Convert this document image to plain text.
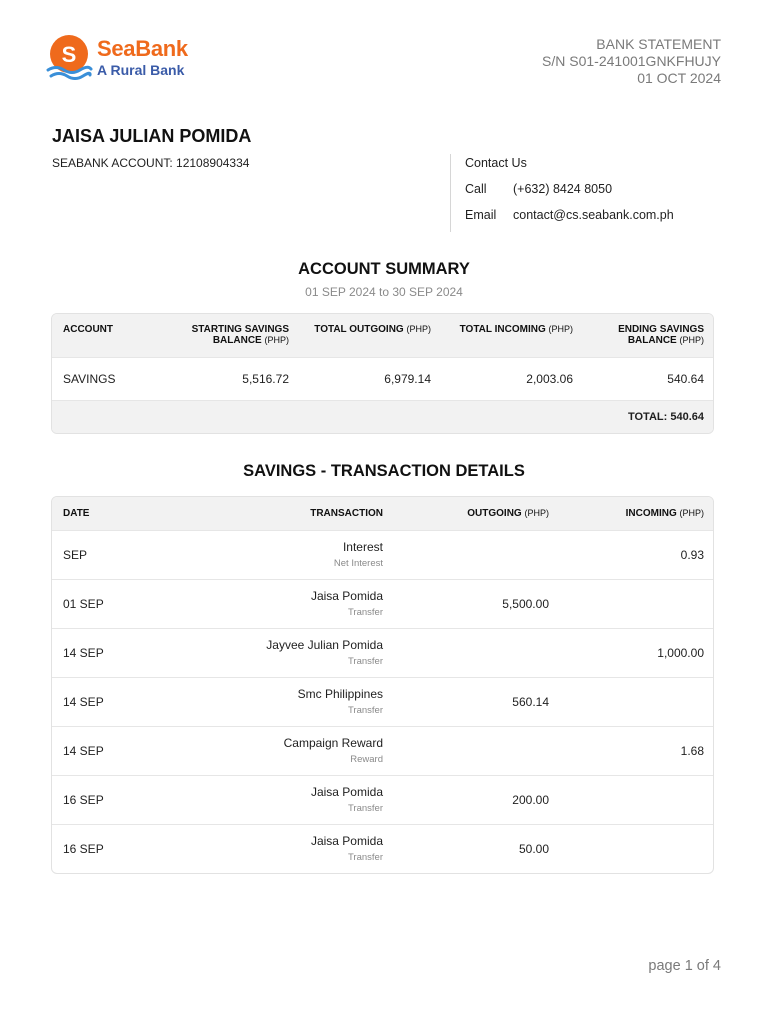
S SeaBank
A Rural Bank
BANK STATEMENT
S/N S01-241001GNKFHUJY
01 OCT 2024
JAISA JULIAN POMIDA
SEABANK ACCOUNT: 12108904334	Contact Us
Call	(+632) 8424 8050
Email	contact@cs.seabank.com.ph
ACCOUNT SUMMARY
01 SEP 2024 to 30 SEP 2024
ACCOUNT	STARTING SAVINGS
BALANCE (PHP)	TOTAL OUTGOING (PHP)	TOTAL INCOMING (PHP)	ENDING SAVINGS
BALANCE (PHP)
SAVINGS	5,516.72	6,979.14	2,003.06	540.64
TOTAL: 540.64				
SAVINGS - TRANSACTION DETAILS
DATE	TRANSACTION	OUTGOING (PHP)	INCOMING (PHP)
SEP	Interest
Net Interest		0.93
01 SEP	Jaisa Pomida
Transfer	5,500.00	
14 SEP	Jayvee Julian Pomida
Transfer		1,000.00
14 SEP	Smc Philippines
Transfer	560.14	
14 SEP	Campaign Reward
Reward		1.68
16 SEP	Jaisa Pomida
Transfer	200.00	
16 SEP	Jaisa Pomida
Transfer	50.00	
page 1 of 4
